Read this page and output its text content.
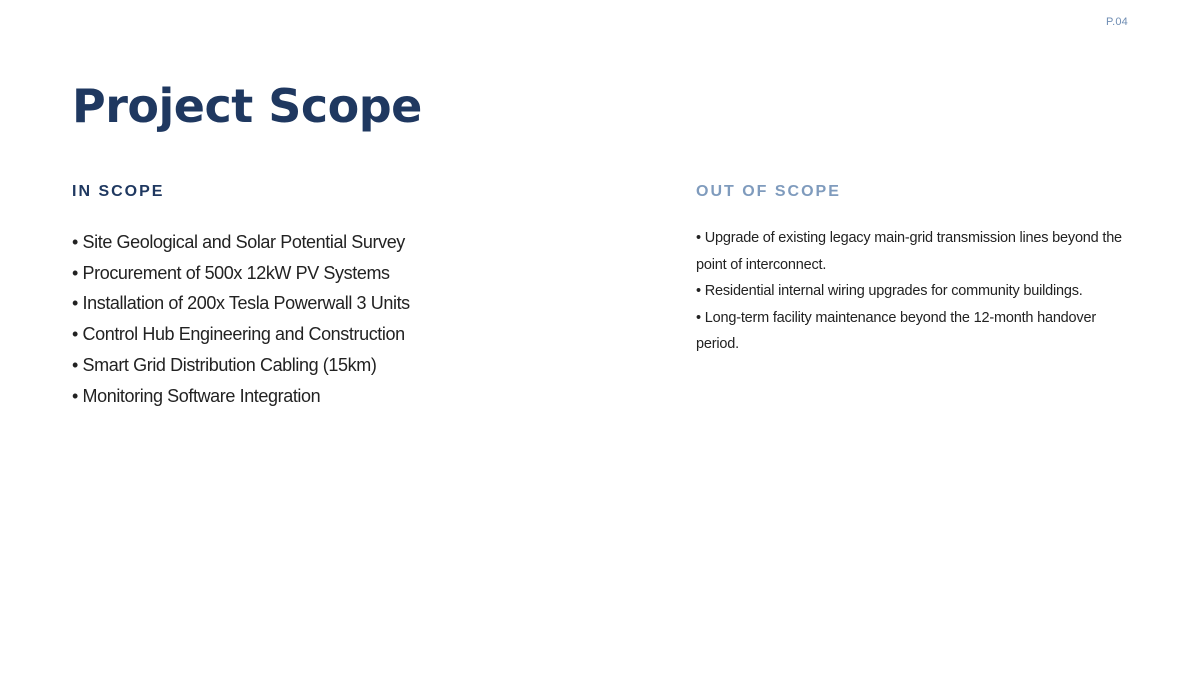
P.04
Project Scope
IN SCOPE
• Site Geological and Solar Potential Survey
• Procurement of 500x 12kW PV Systems
• Installation of 200x Tesla Powerwall 3 Units
• Control Hub Engineering and Construction
• Smart Grid Distribution Cabling (15km)
• Monitoring Software Integration
OUT OF SCOPE
• Upgrade of existing legacy main-grid transmission lines beyond the point of interconnect.
• Residential internal wiring upgrades for community buildings.
• Long-term facility maintenance beyond the 12-month handover period.
